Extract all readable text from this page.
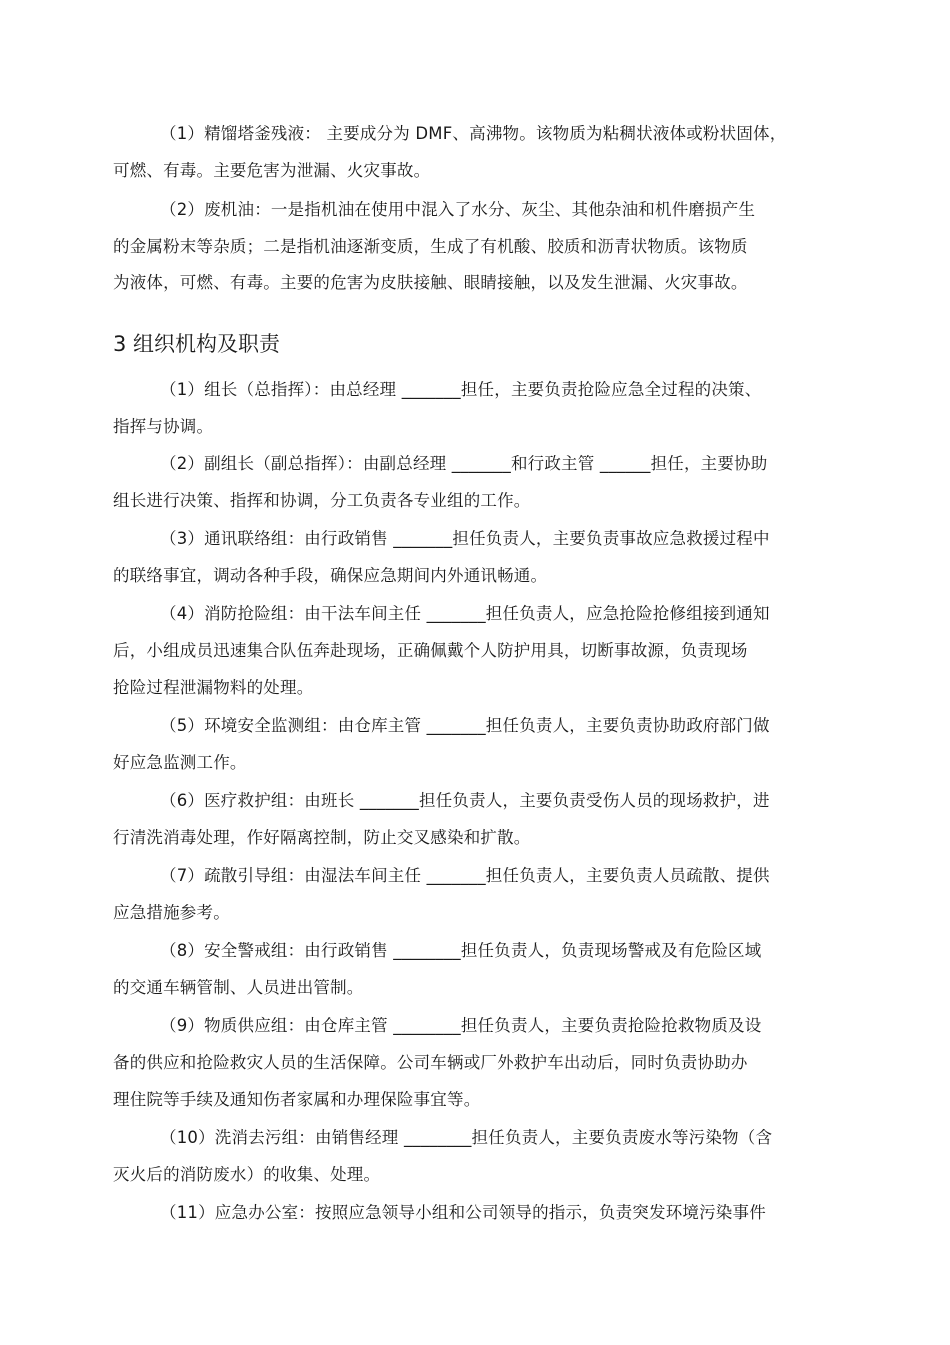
（1）精馏塔釜残液： 主要成分为 DMF、高沸物。该物质为粘稠状液体或粉状固体，
可燃、有毒。主要危害为泄漏、火灾事故。
（2）废机油：一是指机油在使用中混入了水分、灰尘、其他杂油和机件磨损产生
的金属粉末等杂质；二是指机油逐渐变质，生成了有机酸、胶质和沥青状物质。该物质
为液体，可燃、有毒。主要的危害为皮肤接触、眼睛接触，以及发生泄漏、火灾事故。
3 组织机构及职责
（1）组长（总指挥）：由总经理 _______担任，主要负责抢险应急全过程的决策、
指挥与协调。
（2）副组长（副总指挥）：由副总经理 _______和行政主管 ______担任，主要协助
组长进行决策、指挥和协调，分工负责各专业组的工作。
（3）通讯联络组：由行政销售 _______担任负责人，主要负责事故应急救援过程中
的联络事宜，调动各种手段，确保应急期间内外通讯畅通。
（4）消防抢险组：由干法车间主任 _______担任负责人，应急抢险抢修组接到通知
后，小组成员迅速集合队伍奔赴现场，正确佩戴个人防护用具，切断事故源，负责现场
抢险过程泄漏物料的处理。
（5）环境安全监测组：由仓库主管 _______担任负责人，主要负责协助政府部门做
好应急监测工作。
（6）医疗救护组：由班长 _______担任负责人，主要负责受伤人员的现场救护，进
行清洗消毒处理，作好隔离控制，防止交叉感染和扩散。
（7）疏散引导组：由湿法车间主任 _______担任负责人，主要负责人员疏散、提供
应急措施参考。
（8）安全警戒组：由行政销售 ________担任负责人，负责现场警戒及有危险区域
的交通车辆管制、人员进出管制。
（9）物质供应组：由仓库主管 ________担任负责人，主要负责抢险抢救物质及设
备的供应和抢险救灾人员的生活保障。公司车辆或厂外救护车出动后，同时负责协助办
理住院等手续及通知伤者家属和办理保险事宜等。
（10）洗消去污组：由销售经理 ________担任负责人，主要负责废水等污染物（含
灭火后的消防废水）的收集、处理。
（11）应急办公室：按照应急领导小组和公司领导的指示，负责突发环境污染事件
